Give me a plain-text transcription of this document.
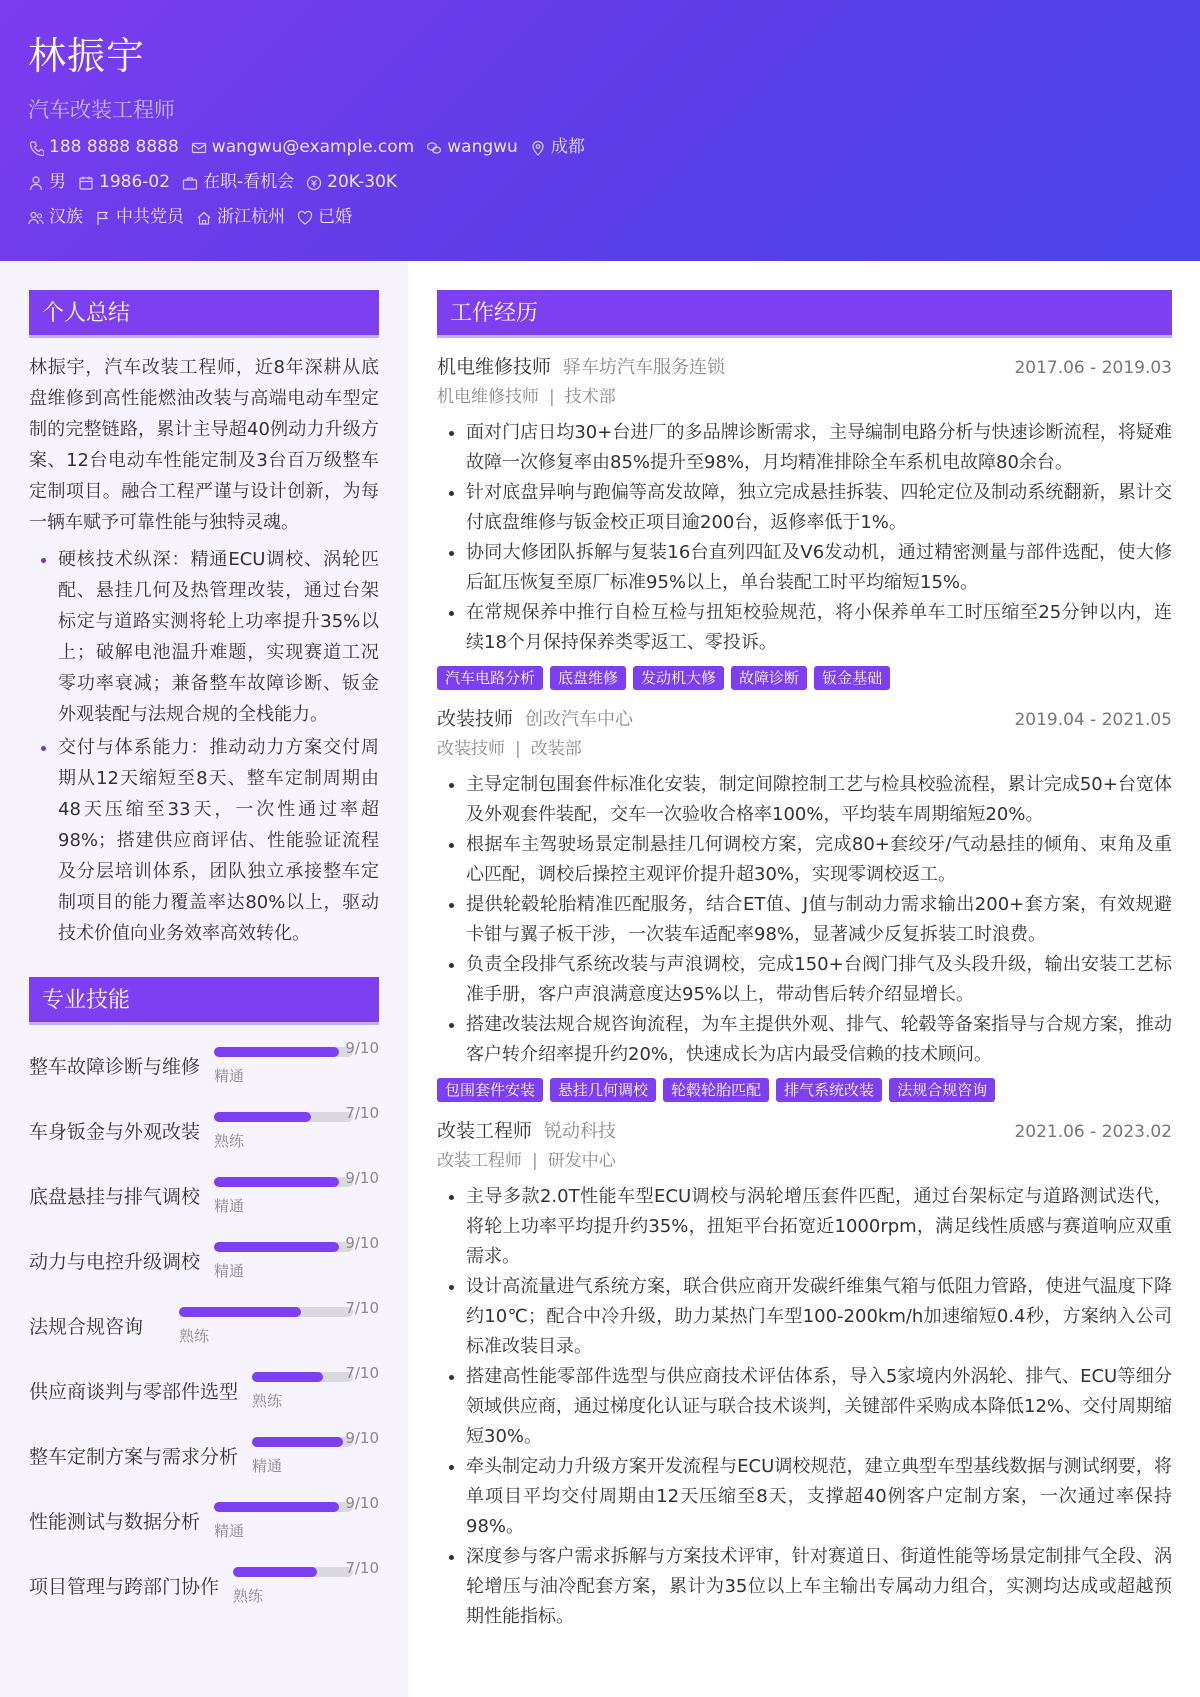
林振宇
汽车改装工程师
188 8888 8888 wangwu@example.com wangwu 成都
男 1986-02 在职-看机会 20K-30K
汉族 中共党员 浙江杭州 已婚
个人总结

林振宇，汽车改装工程师，近8年深耕从底盘维修到高性能燃油改装与高端电动车型定制的完整链路，累计主导超40例动力升级方案、12台电动车性能定制及3台百万级整车定制项目。融合工程严谨与设计创新，为每一辆车赋予可靠性能与独特灵魂。

• 硬核技术纵深：精通ECU调校、涡轮匹配、悬挂几何及热管理改装，通过台架标定与道路实测将轮上功率提升35%以上；破解电池温升难题，实现赛道工况零功率衰减；兼备整车故障诊断、钣金外观装配与法规合规的全栈能力。
• 交付与体系能力：推动动力方案交付周期从12天缩短至8天、整车定制周期由48天压缩至33天，一次性通过率超98%；搭建供应商评估、性能验证流程及分层培训体系，团队独立承接整车定制项目的能力覆盖率达80%以上，驱动技术价值向业务效率高效转化。
专业技能
整车故障诊断与维修 精通
9/10
车身钣金与外观改装 熟练
7/10
底盘悬挂与排气调校 精通
9/10
动力与电控升级调校 精通
9/10
法规合规咨询 熟练
7/10
供应商谈判与零部件选型 熟练
7/10
整车定制方案与需求分析 精通
9/10
性能测试与数据分析 精通
9/10
项目管理与跨部门协作 熟练
7/10
工作经历
机电维修技师 驿车坊汽车服务连锁	2017.06 - 2019.03
机电维修技师 | 技术部
• 面对门店日均30+台进厂的多品牌诊断需求，主导编制电路分析与快速诊断流程，将疑难故障一次修复率由85%提升至98%，月均精准排除全车系机电故障80余台。
• 针对底盘异响与跑偏等高发故障，独立完成悬挂拆装、四轮定位及制动系统翻新，累计交付底盘维修与钣金校正项目逾200台，返修率低于1%。
• 协同大修团队拆解与复装16台直列四缸及V6发动机，通过精密测量与部件选配，使大修后缸压恢复至原厂标准95%以上，单台装配工时平均缩短15%。
• 在常规保养中推行自检互检与扭矩校验规范，将小保养单车工时压缩至25分钟以内，连续18个月保持保养类零返工、零投诉。
汽车电路分析	底盘维修	发动机大修	故障诊断	钣金基础
改装技师 创改汽车中心	2019.04 - 2021.05
改装技师 | 改装部
• 主导定制包围套件标准化安装，制定间隙控制工艺与检具校验流程，累计完成50+台宽体及外观套件装配，交车一次验收合格率100%，平均装车周期缩短20%。
• 根据车主驾驶场景定制悬挂几何调校方案，完成80+套绞牙/气动悬挂的倾角、束角及重心匹配，调校后操控主观评价提升超30%，实现零调校返工。
• 提供轮毂轮胎精准匹配服务，结合ET值、J值与制动力需求输出200+套方案，有效规避卡钳与翼子板干涉，一次装车适配率98%，显著减少反复拆装工时浪费。
• 负责全段排气系统改装与声浪调校，完成150+台阀门排气及头段升级，输出安装工艺标准手册，客户声浪满意度达95%以上，带动售后转介绍显增长。
• 搭建改装法规合规咨询流程，为车主提供外观、排气、轮毂等备案指导与合规方案，推动客户转介绍率提升约20%，快速成长为店内最受信赖的技术顾问。
包围套件安装	悬挂几何调校	轮毂轮胎匹配	排气系统改装	法规合规咨询
改装工程师 锐动科技	2021.06 - 2023.02
改装工程师 | 研发中心
• 主导多款2.0T性能车型ECU调校与涡轮增压套件匹配，通过台架标定与道路测试迭代，将轮上功率平均提升约35%，扭矩平台拓宽近1000rpm，满足线性质感与赛道响应双重需求。
• 设计高流量进气系统方案，联合供应商开发碳纤维集气箱与低阻力管路，使进气温度下降约10℃；配合中冷升级，助力某热门车型100-200km/h加速缩短0.4秒，方案纳入公司标准改装目录。
• 搭建高性能零部件选型与供应商技术评估体系，导入5家境内外涡轮、排气、ECU等细分领域供应商，通过梯度化认证与联合技术谈判，关键部件采购成本降低12%、交付周期缩短30%。
• 牵头制定动力升级方案开发流程与ECU调校规范，建立典型车型基线数据与测试纲要，将单项目平均交付周期由12天压缩至8天，支撑超40例客户定制方案，一次通过率保持98%。
• 深度参与客户需求拆解与方案技术评审，针对赛道日、街道性能等场景定制排气全段、涡轮增压与油冷配套方案，累计为35位以上车主输出专属动力组合，实测均达成或超越预期性能指标。
